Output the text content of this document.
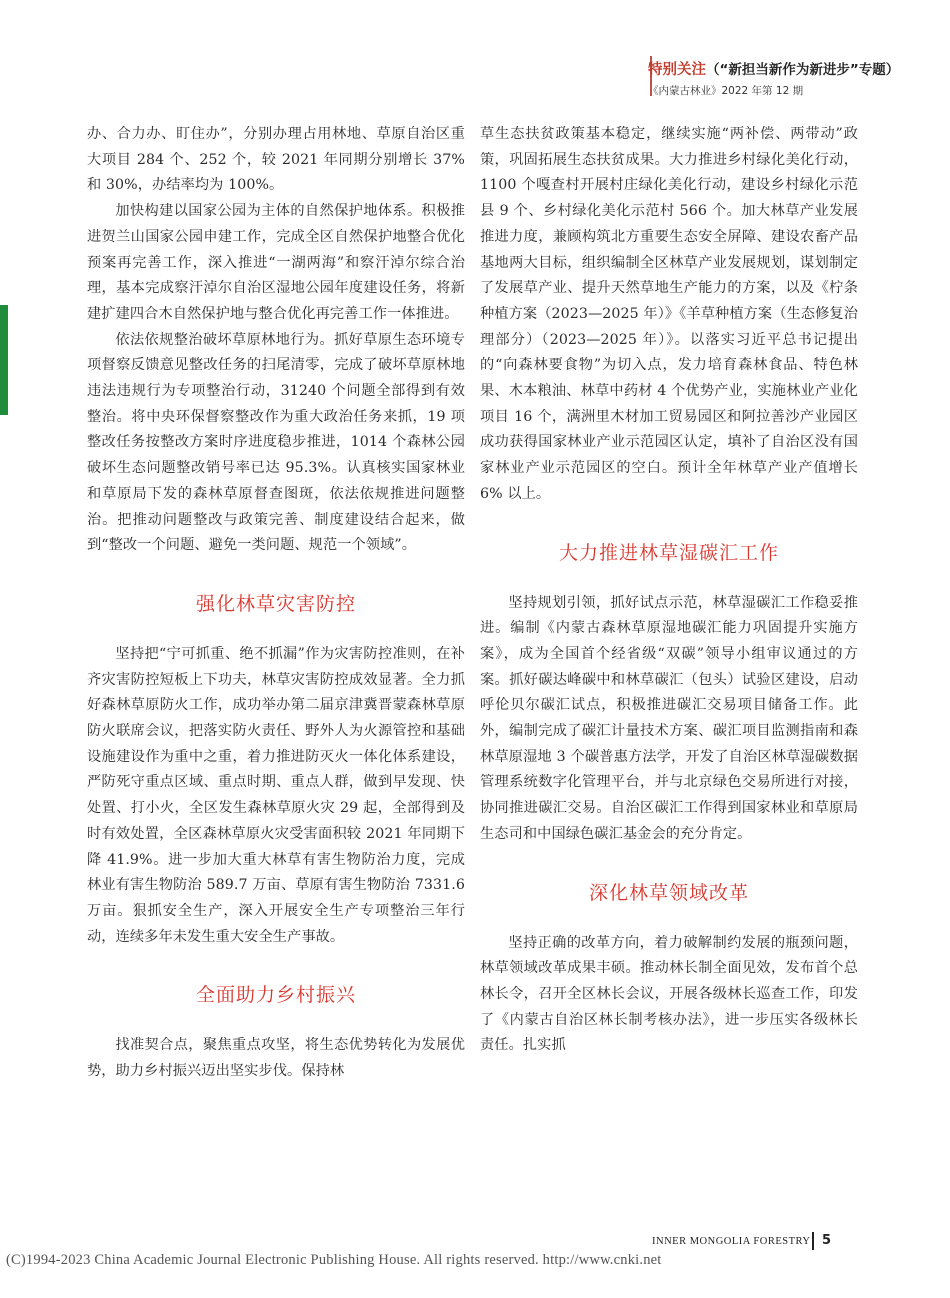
特别关注（“新担当新作为新进步”专题）
《内蒙古林业》2022 年第 12 期

办、合力办、盯住办”，分别办理占用林地、草原自治区重大项目 284 个、252 个，较 2021 年同期分别增长 37% 和 30%，办结率均为 100%。

加快构建以国家公园为主体的自然保护地体系。积极推进贺兰山国家公园申建工作，完成全区自然保护地整合优化预案再完善工作，深入推进“一湖两海”和察汗淖尔综合治理，基本完成察汗淖尔自治区湿地公园年度建设任务，将新建扩建四合木自然保护地与整合优化再完善工作一体推进。

依法依规整治破坏草原林地行为。抓好草原生态环境专项督察反馈意见整改任务的扫尾清零，完成了破坏草原林地违法违规行为专项整治行动，31240 个问题全部得到有效整治。将中央环保督察整改作为重大政治任务来抓，19 项整改任务按整改方案时序进度稳步推进，1014 个森林公园破坏生态问题整改销号率已达 95.3%。认真核实国家林业和草原局下发的森林草原督查图斑，依法依规推进问题整治。把推动问题整改与政策完善、制度建设结合起来，做到“整改一个问题、避免一类问题、规范一个领域”。

强化林草灾害防控

坚持把“宁可抓重、绝不抓漏”作为灾害防控准则，在补齐灾害防控短板上下功夫，林草灾害防控成效显著。全力抓好森林草原防火工作，成功举办第二届京津冀晋蒙森林草原防火联席会议，把落实防火责任、野外人为火源管控和基础设施建设作为重中之重，着力推进防灭火一体化体系建设，严防死守重点区域、重点时期、重点人群，做到早发现、快处置、打小火，全区发生森林草原火灾 29 起，全部得到及时有效处置，全区森林草原火灾受害面积较 2021 年同期下降 41.9%。进一步加大重大林草有害生物防治力度，完成林业有害生物防治 589.7 万亩、草原有害生物防治 7331.6 万亩。狠抓安全生产，深入开展安全生产专项整治三年行动，连续多年未发生重大安全生产事故。

全面助力乡村振兴

找准契合点，聚焦重点攻坚，将生态优势转化为发展优势，助力乡村振兴迈出坚实步伐。保持林

草生态扶贫政策基本稳定，继续实施“两补偿、两带动”政策，巩固拓展生态扶贫成果。大力推进乡村绿化美化行动，1100 个嘎查村开展村庄绿化美化行动，建设乡村绿化示范县 9 个、乡村绿化美化示范村 566 个。加大林草产业发展推进力度，兼顾构筑北方重要生态安全屏障、建设农畜产品基地两大目标，组织编制全区林草产业发展规划，谋划制定了发展草产业、提升天然草地生产能力的方案，以及《柠条种植方案（2023—2025 年）》《羊草种植方案（生态修复治理部分）（2023—2025 年）》。以落实习近平总书记提出的“向森林要食物”为切入点，发力培育森林食品、特色林果、木本粮油、林草中药材 4 个优势产业，实施林业产业化项目 16 个，满洲里木材加工贸易园区和阿拉善沙产业园区成功获得国家林业产业示范园区认定，填补了自治区没有国家林业产业示范园区的空白。预计全年林草产业产值增长 6% 以上。

大力推进林草湿碳汇工作

坚持规划引领，抓好试点示范，林草湿碳汇工作稳妥推进。编制《内蒙古森林草原湿地碳汇能力巩固提升实施方案》，成为全国首个经省级“双碳”领导小组审议通过的方案。抓好碳达峰碳中和林草碳汇（包头）试验区建设，启动呼伦贝尔碳汇试点，积极推进碳汇交易项目储备工作。此外，编制完成了碳汇计量技术方案、碳汇项目监测指南和森林草原湿地 3 个碳普惠方法学，开发了自治区林草湿碳数据管理系统数字化管理平台，并与北京绿色交易所进行对接，协同推进碳汇交易。自治区碳汇工作得到国家林业和草原局生态司和中国绿色碳汇基金会的充分肯定。

深化林草领域改革

坚持正确的改革方向，着力破解制约发展的瓶颈问题，林草领域改革成果丰硕。推动林长制全面见效，发布首个总林长令，召开全区林长会议，开展各级林长巡查工作，印发了《内蒙古自治区林长制考核办法》，进一步压实各级林长责任。扎实抓

INNER MONGOLIA FORESTRY 5
(C)1994-2023 China Academic Journal Electronic Publishing House. All rights reserved. http://www.cnki.net
